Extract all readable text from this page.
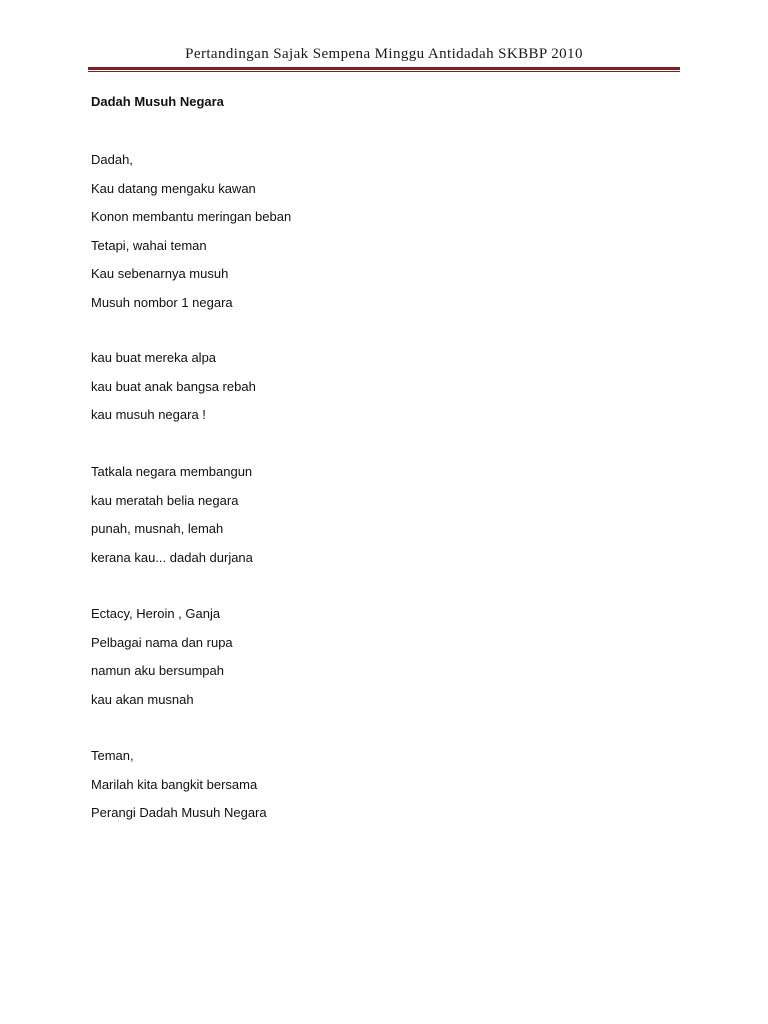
Pertandingan Sajak Sempena Minggu Antidadah SKBBP 2010
Dadah Musuh Negara
Dadah,
Kau datang mengaku kawan
Konon membantu meringan beban
Tetapi, wahai teman
Kau sebenarnya musuh
Musuh nombor 1 negara
kau buat mereka alpa
kau buat anak bangsa rebah
kau musuh negara !
Tatkala negara membangun
kau meratah belia negara
punah, musnah, lemah
kerana kau... dadah durjana
Ectacy, Heroin , Ganja
Pelbagai nama dan rupa
namun aku bersumpah
kau akan musnah
Teman,
Marilah kita bangkit bersama
Perangi Dadah Musuh Negara
